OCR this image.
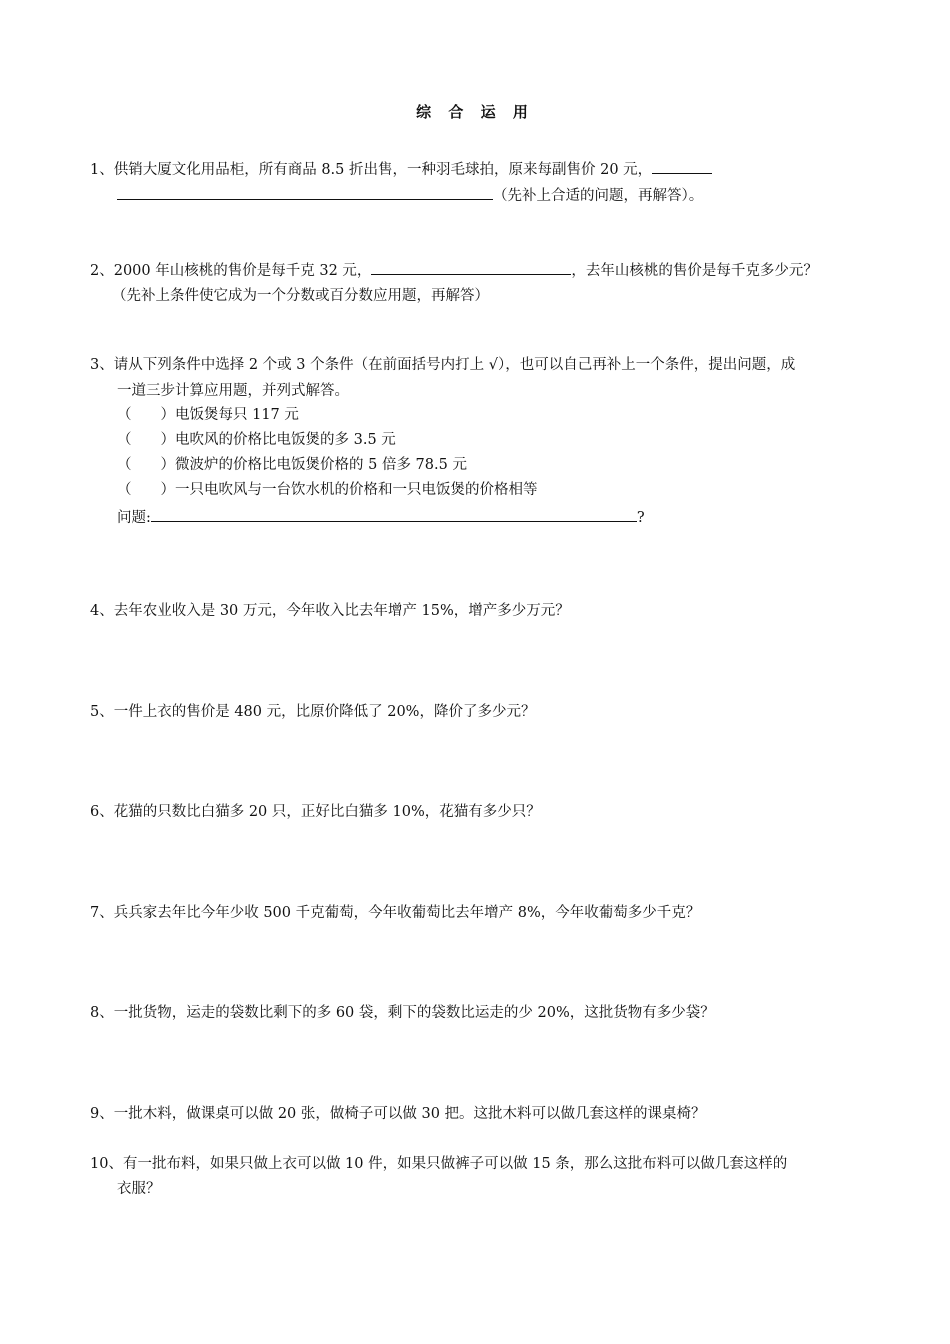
综 合 运 用
1、供销大厦文化用品柜，所有商品 8.5 折出售，一种羽毛球拍，原来每副售价 20 元，
（先补上合适的问题，再解答）。
2、2000 年山核桃的售价是每千克 32 元，	，去年山核桃的售价是每千克多少元？
（先补上条件使它成为一个分数或百分数应用题，再解答）
3、请从下列条件中选择 2 个或 3 个条件（在前面括号内打上 √），也可以自己再补上一个条件，提出问题，成
一道三步计算应用题，并列式解答。
（　　）电饭煲每只 117 元
（　　）电吹风的价格比电饭煲的多 3.5 元
（　　）微波炉的价格比电饭煲价格的 5 倍多 78.5 元
（　　）一只电吹风与一台饮水机的价格和一只电饭煲的价格相等
问题:	?
4、去年农业收入是 30 万元，今年收入比去年增产 15%，增产多少万元？
5、一件上衣的售价是 480 元，比原价降低了 20%，降价了多少元？
6、花猫的只数比白猫多 20 只，正好比白猫多 10%，花猫有多少只？
7、兵兵家去年比今年少收 500 千克葡萄，今年收葡萄比去年增产 8%，今年收葡萄多少千克？
8、一批货物，运走的袋数比剩下的多 60 袋，剩下的袋数比运走的少 20%，这批货物有多少袋？
9、一批木料，做课桌可以做 20 张，做椅子可以做 30 把。这批木料可以做几套这样的课桌椅？
10、有一批布料，如果只做上衣可以做 10 件，如果只做裤子可以做 15 条，那么这批布料可以做几套这样的
衣服？
